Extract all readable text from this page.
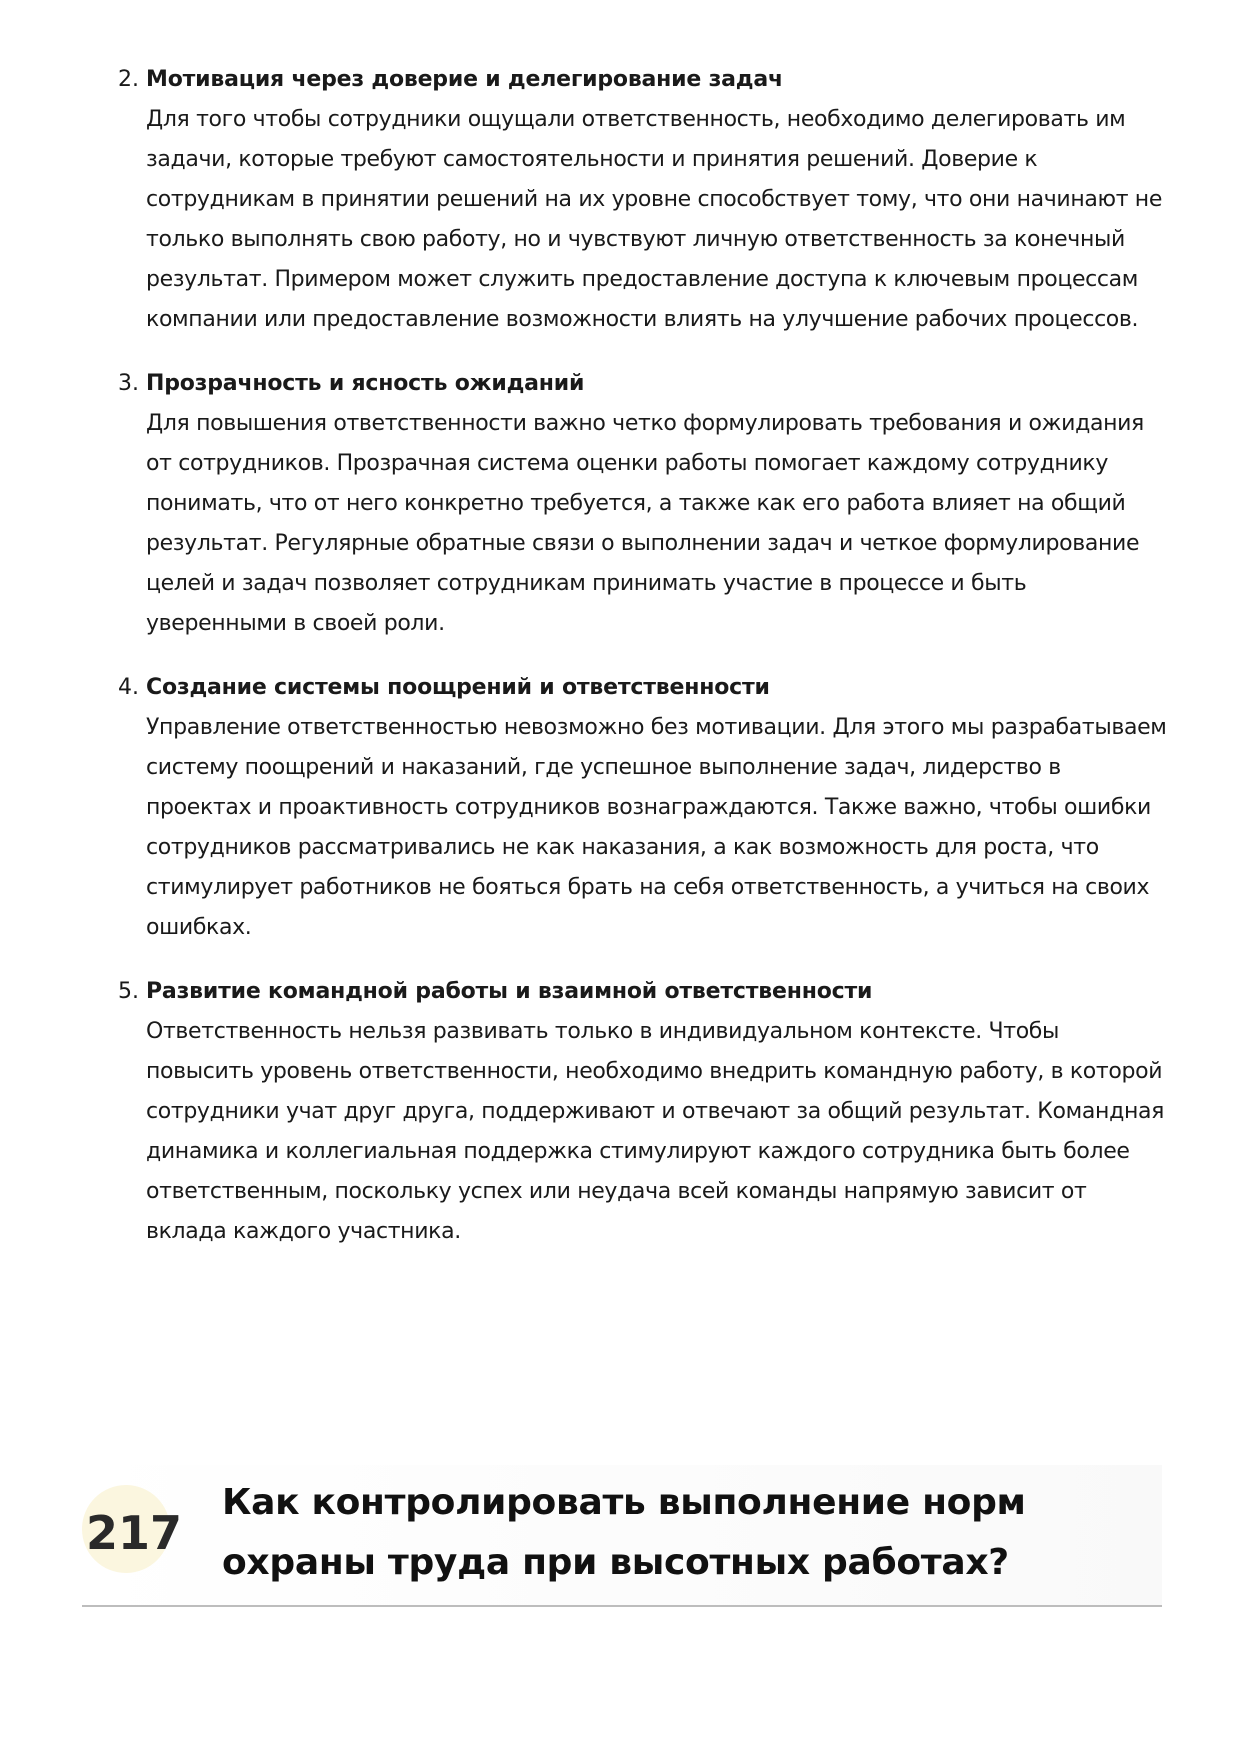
2. Мотивация через доверие и делегирование задач
Для того чтобы сотрудники ощущали ответственность, необходимо делегировать им задачи, которые требуют самостоятельности и принятия решений. Доверие к сотрудникам в принятии решений на их уровне способствует тому, что они начинают не только выполнять свою работу, но и чувствуют личную ответственность за конечный результат. Примером может служить предоставление доступа к ключевым процессам компании или предоставление возможности влиять на улучшение рабочих процессов.
3. Прозрачность и ясность ожиданий
Для повышения ответственности важно четко формулировать требования и ожидания от сотрудников. Прозрачная система оценки работы помогает каждому сотруднику понимать, что от него конкретно требуется, а также как его работа влияет на общий результат. Регулярные обратные связи о выполнении задач и четкое формулирование целей и задач позволяет сотрудникам принимать участие в процессе и быть уверенными в своей роли.
4. Создание системы поощрений и ответственности
Управление ответственностью невозможно без мотивации. Для этого мы разрабатываем систему поощрений и наказаний, где успешное выполнение задач, лидерство в проектах и проактивность сотрудников вознаграждаются. Также важно, чтобы ошибки сотрудников рассматривались не как наказания, а как возможность для роста, что стимулирует работников не бояться брать на себя ответственность, а учиться на своих ошибках.
5. Развитие командной работы и взаимной ответственности
Ответственность нельзя развивать только в индивидуальном контексте. Чтобы повысить уровень ответственности, необходимо внедрить командную работу, в которой сотрудники учат друг друга, поддерживают и отвечают за общий результат. Командная динамика и коллегиальная поддержка стимулируют каждого сотрудника быть более ответственным, поскольку успех или неудача всей команды напрямую зависит от вклада каждого участника.
217
Как контролировать выполнение норм охраны труда при высотных работах?
